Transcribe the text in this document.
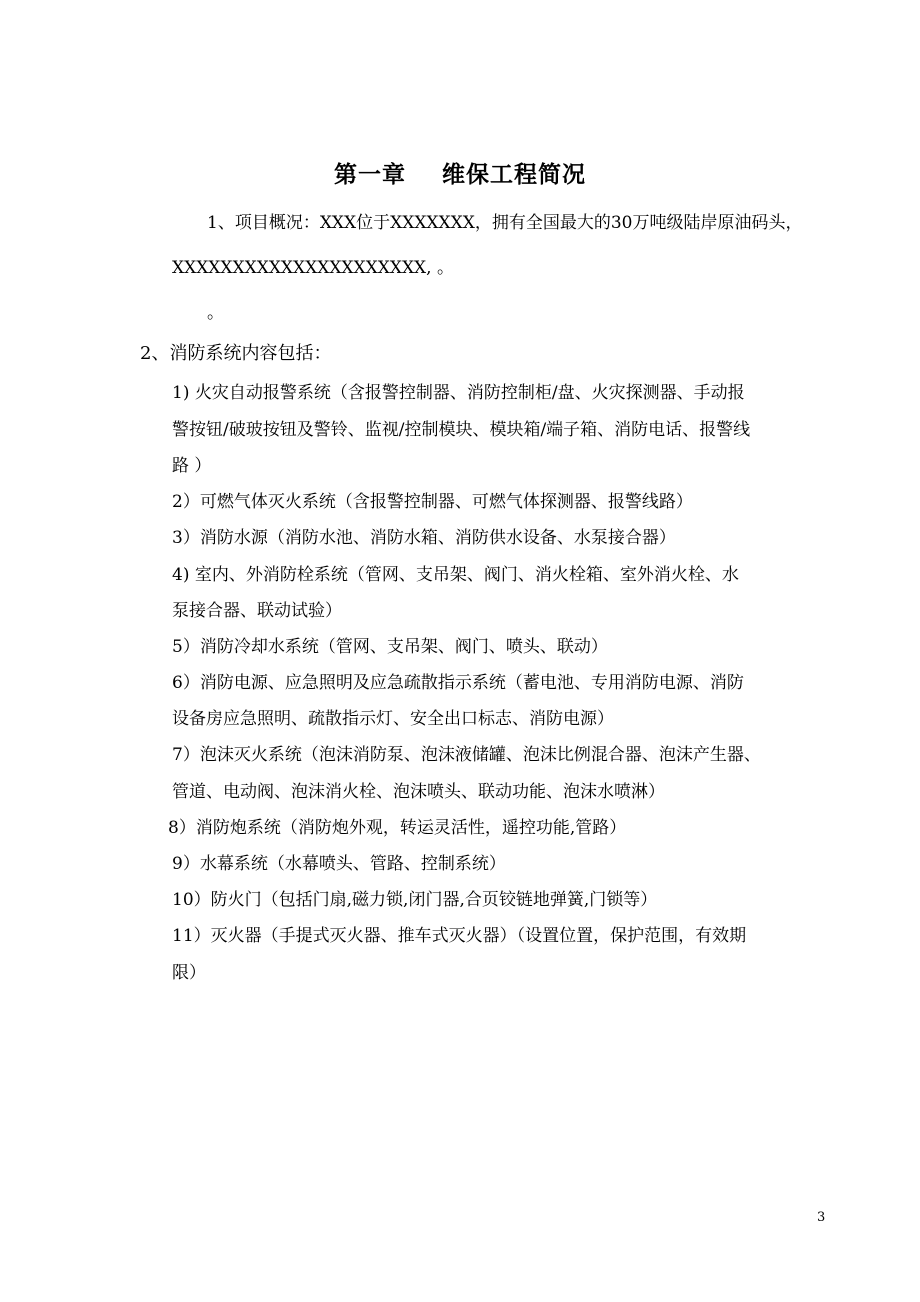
第一章    维保工程简况
1、项目概况：XXX位于XXXXXXX，拥有全国最大的30万吨级陆岸原油码头，
XXXXXXXXXXXXXXXXXXXXX, 。
。
2、消防系统内容包括：
1) 火灾自动报警系统（含报警控制器、消防控制柜/盘、火灾探测器、手动报
警按钮/破玻按钮及警铃、监视/控制模块、模块箱/端子箱、消防电话、报警线
路 ）
2）可燃气体灭火系统（含报警控制器、可燃气体探测器、报警线路）
3）消防水源（消防水池、消防水箱、消防供水设备、水泵接合器）
4) 室内、外消防栓系统（管网、支吊架、阀门、消火栓箱、室外消火栓、水
泵接合器、联动试验）
5）消防冷却水系统（管网、支吊架、阀门、喷头、联动）
6）消防电源、应急照明及应急疏散指示系统（蓄电池、专用消防电源、消防
设备房应急照明、疏散指示灯、安全出口标志、消防电源）
7）泡沫灭火系统（泡沫消防泵、泡沫液储罐、泡沫比例混合器、泡沫产生器、
管道、电动阀、泡沫消火栓、泡沫喷头、联动功能、泡沫水喷淋）
8）消防炮系统（消防炮外观，转运灵活性，遥控功能,管路）
9）水幕系统（水幕喷头、管路、控制系统）
10）防火门（包括门扇,磁力锁,闭门器,合页铰链地弹簧,门锁等）
11）灭火器（手提式灭火器、推车式灭火器）（设置位置，保护范围，有效期
限）
3
